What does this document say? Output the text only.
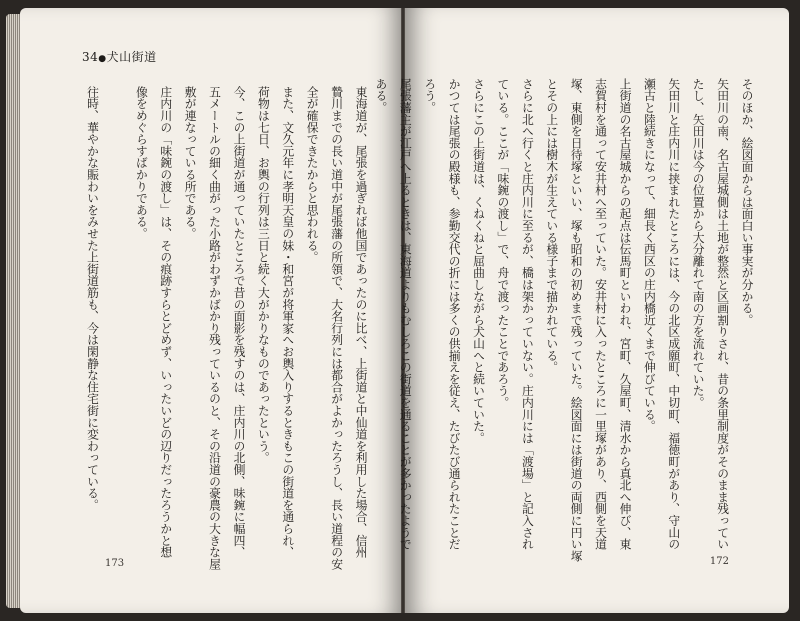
34●犬山街道
東海道が、尾張を過ぎれば他国であったのに比べ、上街道と中仙道を利用した場合、信州
贄川までの長い道中が尾張藩の所領で、大名行列には都合がよかったろうし、長い道程の安
全が確保できたからと思われる。
また、文久元年に孝明天皇の妹・和宮が将軍家へお輿入りするときもこの街道を通られ、
荷物は七日、お輿の行列は三日と続く大がかりなものであったという。
今、この上街道が通っていたところで昔の面影を残すのは、庄内川の北側、味鋺に幅四、
五メートルの細く曲がった小路がわずかばかり残っているのと、その沿道の豪農の大きな屋
敷が連なっている所である。
庄内川の「味鋺の渡し」は、その痕跡すらとどめず、いったいどの辺りだったろうかと想
像をめぐらすばかりである。

往時、華やかな賑わいをみせた上街道筋も、今は閑静な住宅街に変わっている。
173
そのほか、絵図面からは面白い事実が分かる。
矢田川の南、名古屋城側は土地が整然と区画割りされ、昔の条里制度がそのまま残ってい
たし、矢田川は今の位置から大分離れて南の方を流れていた。
矢田川と庄内川に挟まれたところには、今の北区成願町、中切町、福徳町があり、守山の
瀬古と陸続きになって、細長く西区の庄内橋近くまで伸びている。
上街道の名古屋城からの起点は伝馬町といわれ、宮町、久屋町、清水から真北へ伸び、東
志賀村を通って安井村へ至っていた。安井村に入ったところに一里塚があり、西側を天道
塚、東側を日待塚といい、塚も昭和の初めまで残っていた。絵図面には街道の両側に円い塚
とその上には樹木が生えている様子まで描かれている。
さらに北へ行くと庄内川に至るが、橋は架かっていない。庄内川には「渡場」と記入され
ている。ここが「味鋺の渡し」で、舟で渡ったことであろう。
さらにこの上街道は、くねくねと屈曲しながら犬山へと続いていた。
かつては尾張の殿様も、参勤交代の折には多くの供揃えを従え、たびたび通られたことだ
ろう。
尾張藩主が江戸へ上るときは、東海道よりもむしろこの街道を通ることが多かったようで
ある。
172
